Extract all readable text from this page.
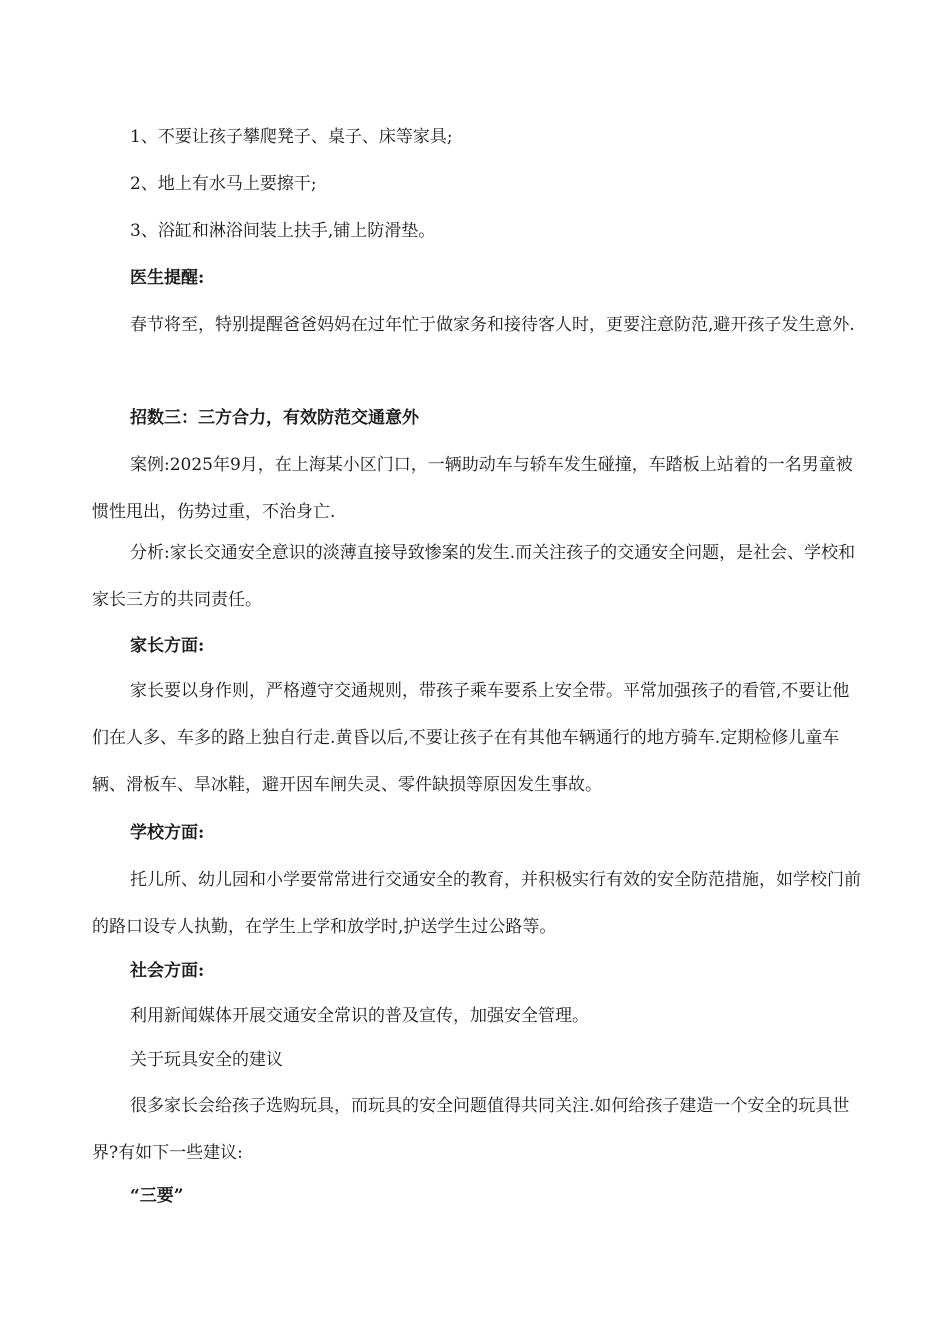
1、不要让孩子攀爬凳子、桌子、床等家具;

2、地上有水马上要擦干;

3、浴缸和淋浴间装上扶手,铺上防滑垫。

医生提醒:

春节将至，特别提醒爸爸妈妈在过年忙于做家务和接待客人时，更要注意防范,避开孩子发生意外.

招数三：三方合力，有效防范交通意外

案例:2025年9月，在上海某小区门口，一辆助动车与轿车发生碰撞，车踏板上站着的一名男童被惯性甩出，伤势过重，不治身亡.

分析:家长交通安全意识的淡薄直接导致惨案的发生.而关注孩子的交通安全问题，是社会、学校和家长三方的共同责任。

家长方面:

家长要以身作则，严格遵守交通规则，带孩子乘车要系上安全带。平常加强孩子的看管,不要让他们在人多、车多的路上独自行走.黄昏以后,不要让孩子在有其他车辆通行的地方骑车.定期检修儿童车辆、滑板车、旱冰鞋，避开因车闸失灵、零件缺损等原因发生事故。

学校方面:

托儿所、幼儿园和小学要常常进行交通安全的教育，并积极实行有效的安全防范措施，如学校门前的路口设专人执勤，在学生上学和放学时,护送学生过公路等。

社会方面:

利用新闻媒体开展交通安全常识的普及宣传，加强安全管理。

关于玩具安全的建议

很多家长会给孩子选购玩具，而玩具的安全问题值得共同关注.如何给孩子建造一个安全的玩具世界?有如下一些建议:

“三要”
